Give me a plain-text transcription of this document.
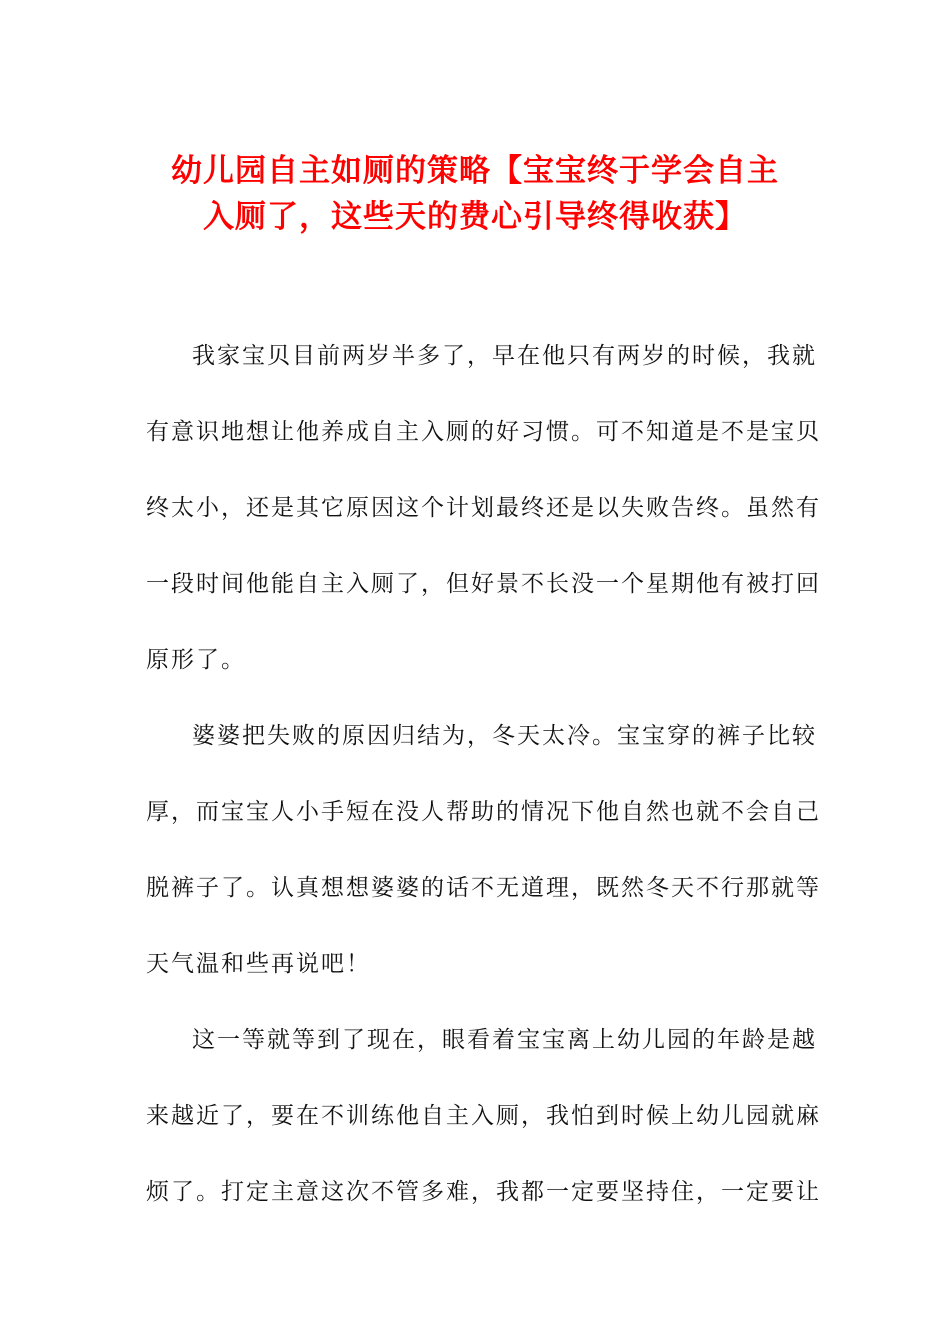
幼儿园自主如厕的策略【宝宝终于学会自主
入厕了，这些天的费心引导终得收获】
我家宝贝目前两岁半多了，早在他只有两岁的时候，我就
有意识地想让他养成自主入厕的好习惯。可不知道是不是宝贝
终太小，还是其它原因这个计划最终还是以失败告终。虽然有
一段时间他能自主入厕了，但好景不长没一个星期他有被打回
原形了。
婆婆把失败的原因归结为，冬天太冷。宝宝穿的裤子比较
厚，而宝宝人小手短在没人帮助的情况下他自然也就不会自己
脱裤子了。认真想想婆婆的话不无道理，既然冬天不行那就等
天气温和些再说吧！
这一等就等到了现在，眼看着宝宝离上幼儿园的年龄是越
来越近了，要在不训练他自主入厕，我怕到时候上幼儿园就麻
烦了。打定主意这次不管多难，我都一定要坚持住，一定要让
